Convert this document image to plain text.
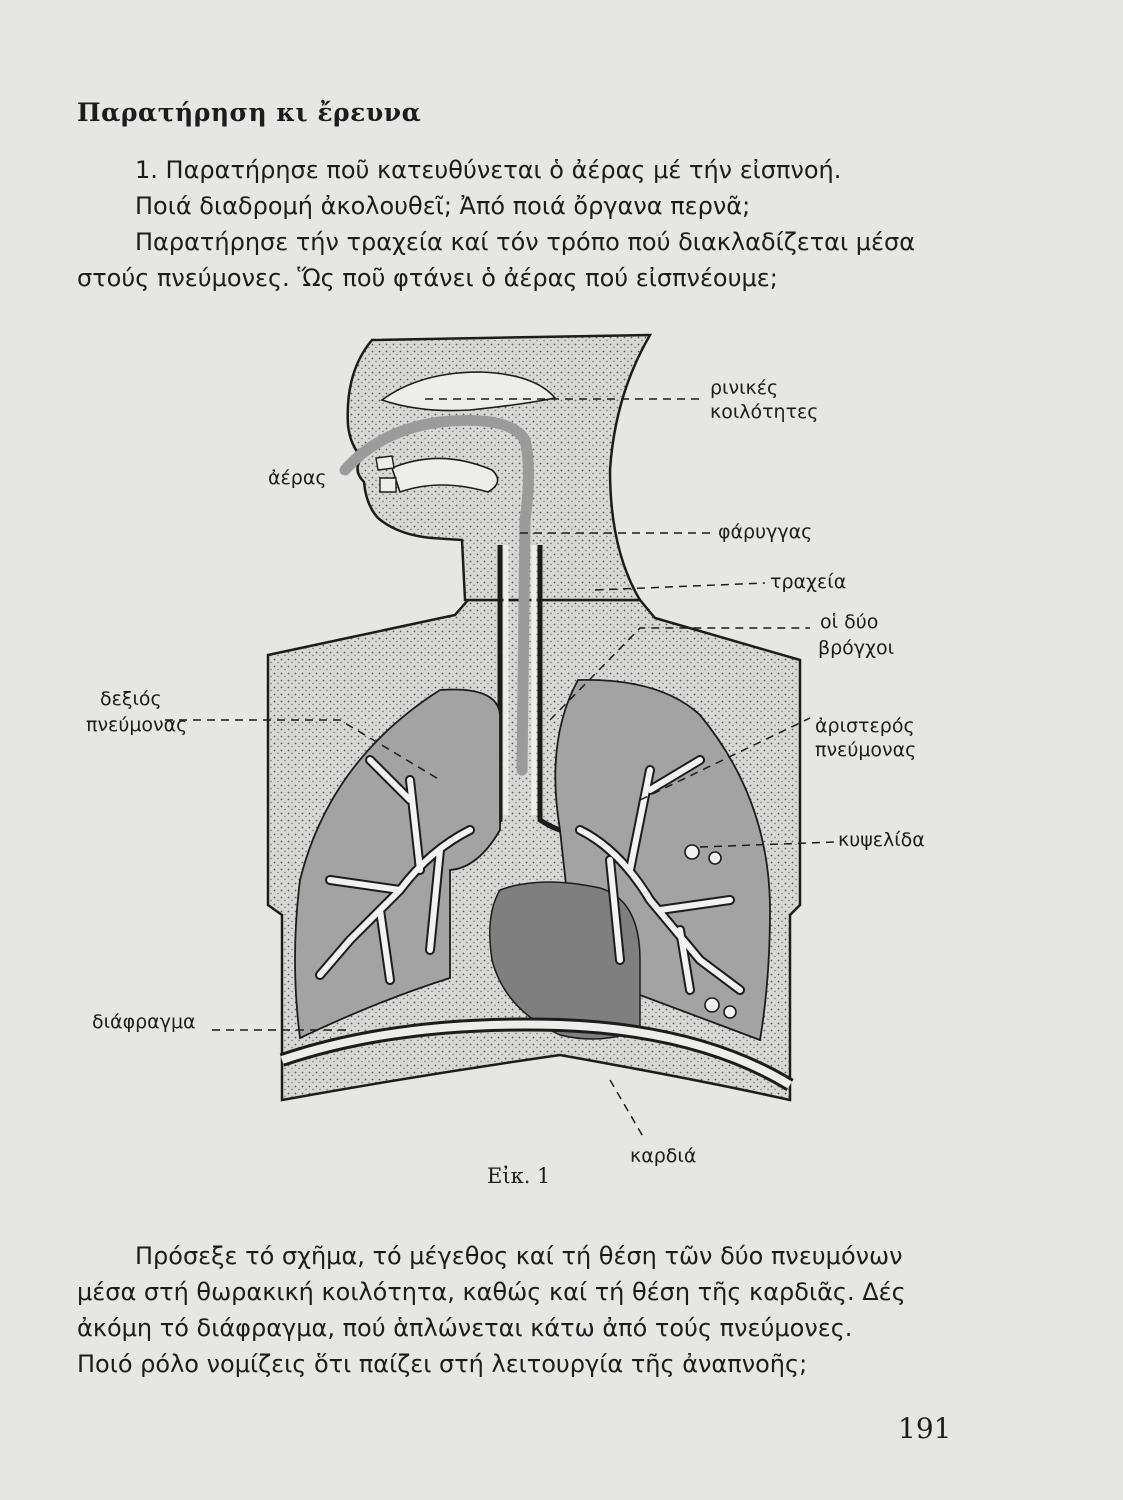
Παρατήρηση κι ἔρευνα
1. Παρατήρησε ποῦ κατευθύνεται ὁ ἀέρας μέ τήν εἰσπνοή.
Ποιά διαδρομή ἀκολουθεῖ; Ἀπό ποιά ὄργανα περνᾶ;
Παρατήρησε τήν τραχεία καί τόν τρόπο πού διακλαδίζεται μέσα
στούς πνεύμονες. Ὥς ποῦ φτάνει ὁ ἀέρας πού εἰσπνέουμε;
ἀέρας
ρινικές
κοιλότητες
φάρυγγας
τραχεία
οἱ δύο
βρόγχοι
δεξιός
πνεύμονας	ἀριστερός
πνεύμονας
κυψελίδα
διάφραγμα
καρδιά
Εἰκ. 1
Πρόσεξε τό σχῆμα, τό μέγεθος καί τή θέση τῶν δύο πνευμόνων
μέσα στή θωρακική κοιλότητα, καθώς καί τή θέση τῆς καρδιᾶς. Δές
ἀκόμη τό διάφραγμα, πού ἁπλώνεται κάτω ἀπό τούς πνεύμονες.
Ποιό ρόλο νομίζεις ὅτι παίζει στή λειτουργία τῆς ἀναπνοῆς;
191
